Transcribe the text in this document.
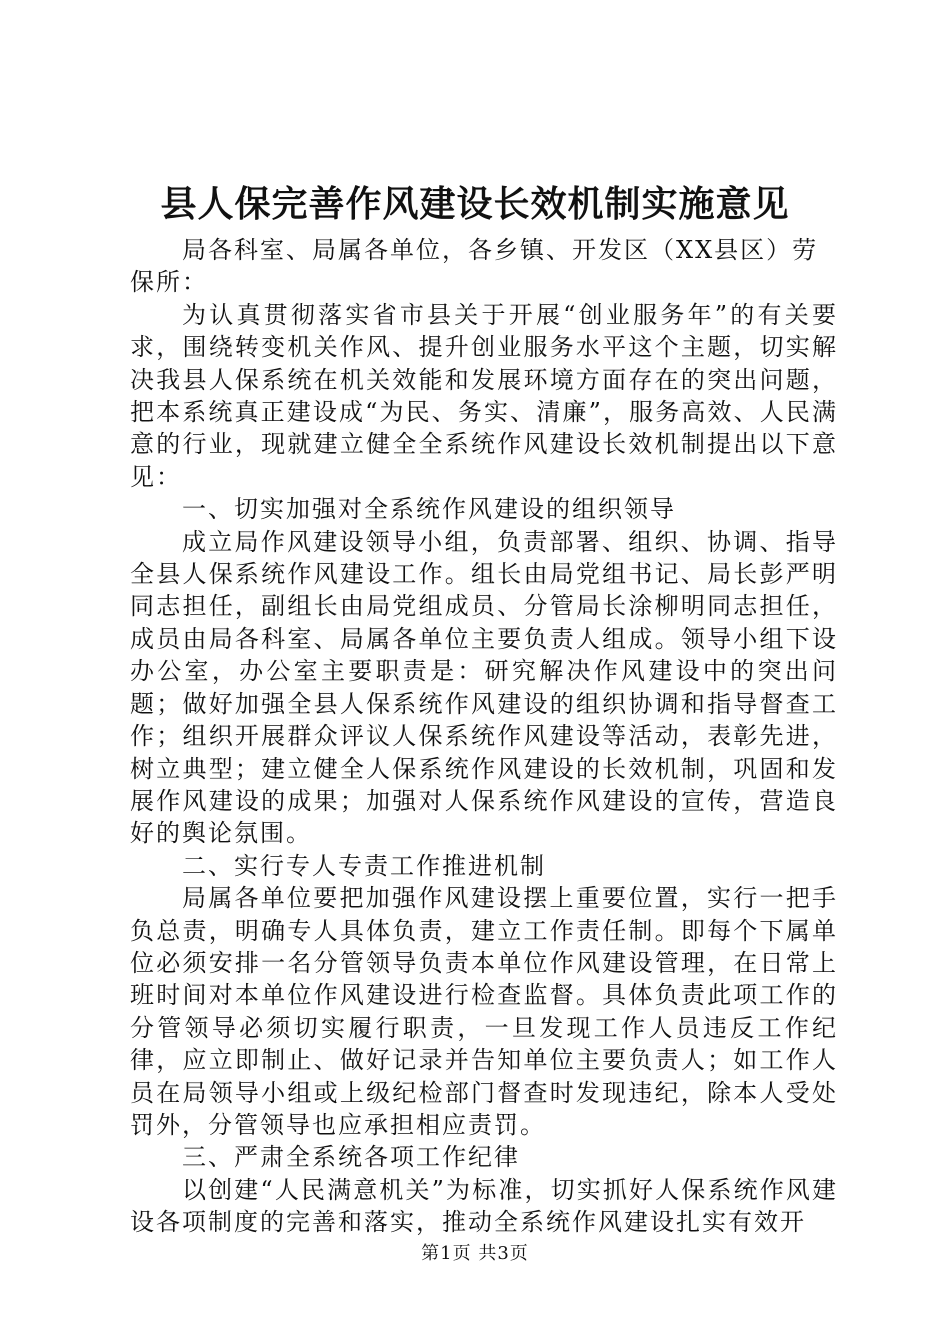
县人保完善作风建设长效机制实施意见

局各科室、局属各单位，各乡镇、开发区（XX县区）劳保所：

为认真贯彻落实省市县关于开展“创业服务年”的有关要求，围绕转变机关作风、提升创业服务水平这个主题，切实解决我县人保系统在机关效能和发展环境方面存在的突出问题，把本系统真正建设成“为民、务实、清廉”，服务高效、人民满意的行业，现就建立健全全系统作风建设长效机制提出以下意见：

一、切实加强对全系统作风建设的组织领导

成立局作风建设领导小组，负责部署、组织、协调、指导全县人保系统作风建设工作。组长由局党组书记、局长彭严明同志担任，副组长由局党组成员、分管局长涂柳明同志担任，成员由局各科室、局属各单位主要负责人组成。领导小组下设办公室，办公室主要职责是：研究解决作风建设中的突出问题；做好加强全县人保系统作风建设的组织协调和指导督查工作；组织开展群众评议人保系统作风建设等活动，表彰先进，树立典型；建立健全人保系统作风建设的长效机制，巩固和发展作风建设的成果；加强对人保系统作风建设的宣传，营造良好的舆论氛围。

二、实行专人专责工作推进机制

局属各单位要把加强作风建设摆上重要位置，实行一把手负总责，明确专人具体负责，建立工作责任制。即每个下属单位必须安排一名分管领导负责本单位作风建设管理，在日常上班时间对本单位作风建设进行检查监督。具体负责此项工作的分管领导必须切实履行职责，一旦发现工作人员违反工作纪律，应立即制止、做好记录并告知单位主要负责人；如工作人员在局领导小组或上级纪检部门督查时发现违纪，除本人受处罚外，分管领导也应承担相应责罚。

三、严肃全系统各项工作纪律

以创建“人民满意机关”为标准，切实抓好人保系统作风建设各项制度的完善和落实，推动全系统作风建设扎实有效开

第1页 共3页
